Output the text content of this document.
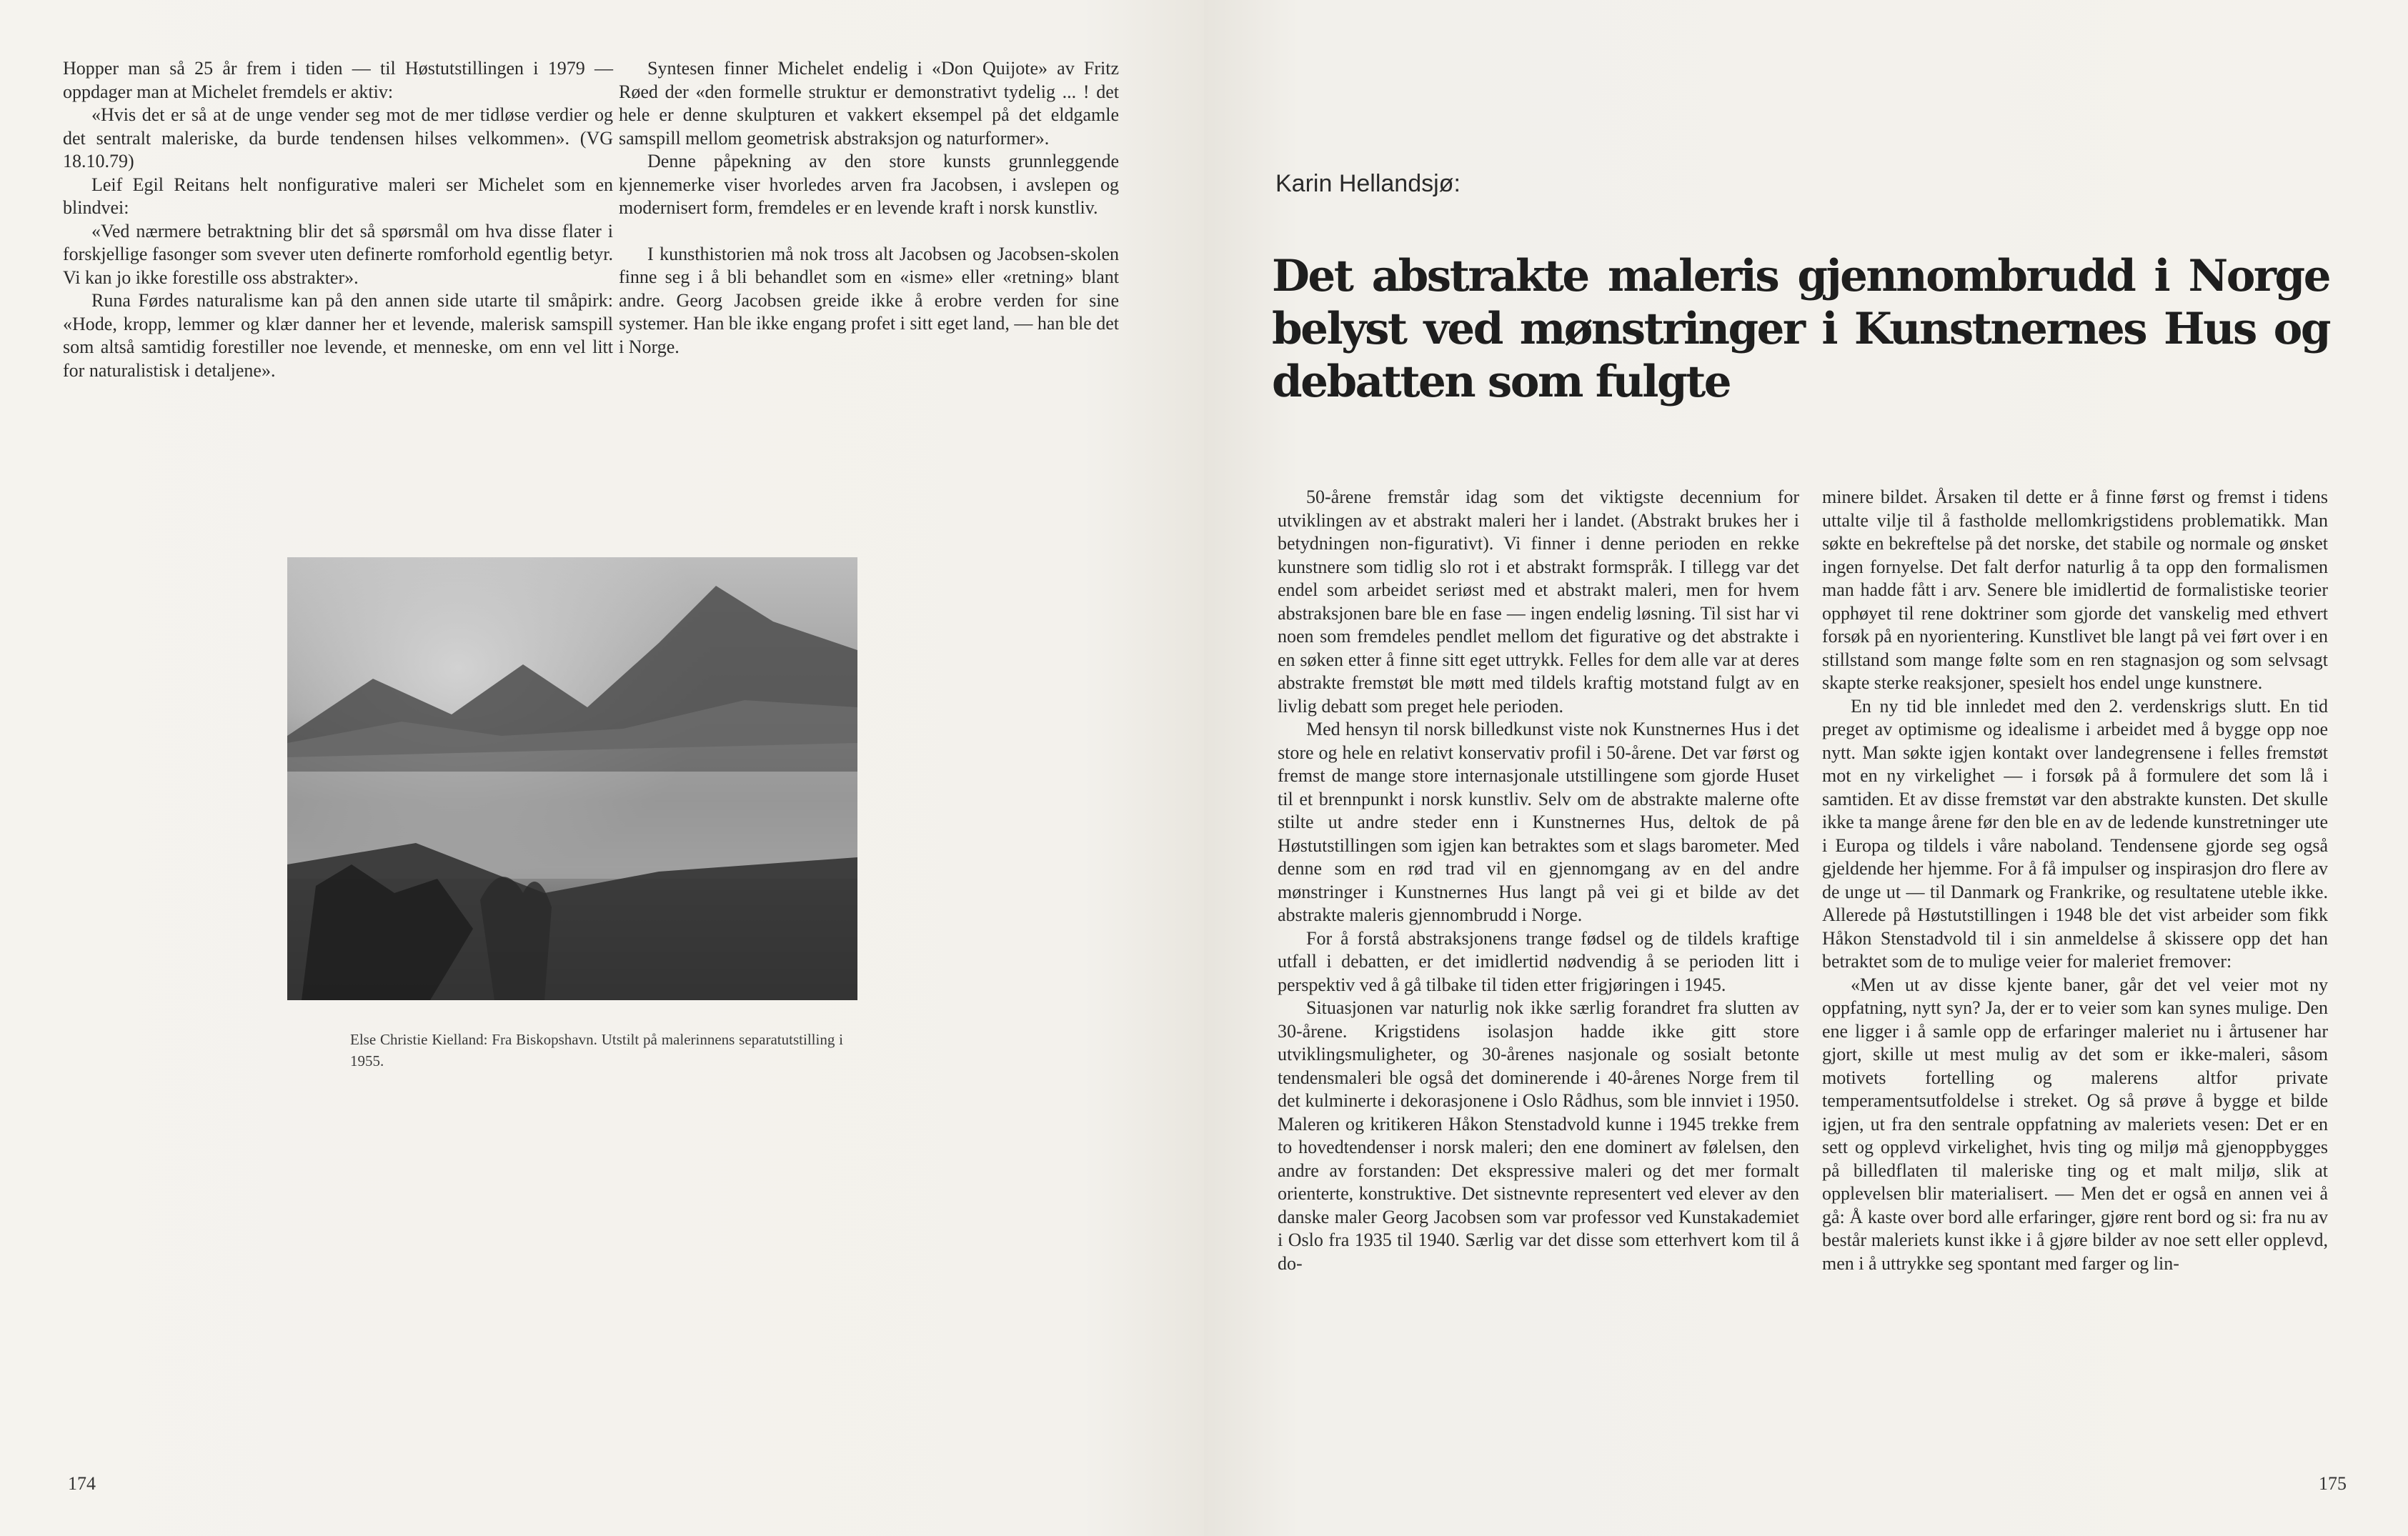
Hopper man så 25 år frem i tiden — til Høstutstillingen i 1979 — oppdager man at Michelet fremdels er aktiv:

«Hvis det er så at de unge vender seg mot de mer tidløse verdier og det sentralt maleriske, da burde tendensen hilses velkommen». (VG 18.10.79)

Leif Egil Reitans helt nonfigurative maleri ser Michelet som en blindvei:

«Ved nærmere betraktning blir det så spørsmål om hva disse flater i forskjellige fasonger som svever uten definerte romforhold egentlig betyr. Vi kan jo ikke forestille oss abstrakter».

Runa Førdes naturalisme kan på den annen side utarte til småpirk: «Hode, kropp, lemmer og klær danner her et levende, malerisk samspill som altså samtidig forestiller noe levende, et menneske, om enn vel litt for naturalistisk i detaljene».

Syntesen finner Michelet endelig i «Don Quijote» av Fritz Røed der «den formelle struktur er demonstrativt tydelig ... ! det hele er denne skulpturen et vakkert eksempel på det eldgamle samspill mellom geometrisk abstraksjon og naturformer».

Denne påpekning av den store kunsts grunnleggende kjennemerke viser hvorledes arven fra Jacobsen, i avslepen og modernisert form, fremdeles er en levende kraft i norsk kunstliv.

I kunsthistorien må nok tross alt Jacobsen og Jacobsen-skolen finne seg i å bli behandlet som en «isme» eller «retning» blant andre. Georg Jacobsen greide ikke å erobre verden for sine systemer. Han ble ikke engang profet i sitt eget land, — han ble det i Norge.

Else Christie Kielland: Fra Biskopshavn. Utstilt på malerinnens separatutstilling i 1955.
174
Karin Hellandsjø:
Det abstrakte maleris gjennombrudd i Norge belyst ved mønstringer i Kunstnernes Hus og debatten som fulgte

50-årene fremstår idag som det viktigste decennium for utviklingen av et abstrakt maleri her i landet. (Abstrakt brukes her i betydningen non-figurativt). Vi finner i denne perioden en rekke kunstnere som tidlig slo rot i et abstrakt formspråk. I tillegg var det endel som arbeidet seriøst med et abstrakt maleri, men for hvem abstraksjonen bare ble en fase — ingen endelig løsning. Til sist har vi noen som fremdeles pendlet mellom det figurative og det abstrakte i en søken etter å finne sitt eget uttrykk. Felles for dem alle var at deres abstrakte fremstøt ble møtt med tildels kraftig motstand fulgt av en livlig debatt som preget hele perioden.

Med hensyn til norsk billedkunst viste nok Kunstnernes Hus i det store og hele en relativt konservativ profil i 50-årene. Det var først og fremst de mange store internasjonale utstillingene som gjorde Huset til et brennpunkt i norsk kunstliv. Selv om de abstrakte malerne ofte stilte ut andre steder enn i Kunstnernes Hus, deltok de på Høstutstillingen som igjen kan betraktes som et slags barometer. Med denne som en rød trad vil en gjennomgang av en del andre mønstringer i Kunstnernes Hus langt på vei gi et bilde av det abstrakte maleris gjennombrudd i Norge.

For å forstå abstraksjonens trange fødsel og de tildels kraftige utfall i debatten, er det imidlertid nødvendig å se perioden litt i perspektiv ved å gå tilbake til tiden etter frigjøringen i 1945.

Situasjonen var naturlig nok ikke særlig forandret fra slutten av 30-årene. Krigstidens isolasjon hadde ikke gitt store utviklingsmuligheter, og 30-årenes nasjonale og sosialt betonte tendensmaleri ble også det dominerende i 40-årenes Norge frem til det kulminerte i dekorasjonene i Oslo Rådhus, som ble innviet i 1950. Maleren og kritikeren Håkon Stenstadvold kunne i 1945 trekke frem to hovedtendenser i norsk maleri; den ene dominert av følelsen, den andre av forstanden: Det ekspressive maleri og det mer formalt orienterte, konstruktive. Det sistnevnte representert ved elever av den danske maler Georg Jacobsen som var professor ved Kunstakademiet i Oslo fra 1935 til 1940. Særlig var det disse som etterhvert kom til å do-

minere bildet. Årsaken til dette er å finne først og fremst i tidens uttalte vilje til å fastholde mellomkrigstidens problematikk. Man søkte en bekreftelse på det norske, det stabile og normale og ønsket ingen fornyelse. Det falt derfor naturlig å ta opp den formalismen man hadde fått i arv. Senere ble imidlertid de formalistiske teorier opphøyet til rene doktriner som gjorde det vanskelig med ethvert forsøk på en nyorientering. Kunstlivet ble langt på vei ført over i en stillstand som mange følte som en ren stagnasjon og som selvsagt skapte sterke reaksjoner, spesielt hos endel unge kunstnere.

En ny tid ble innledet med den 2. verdenskrigs slutt. En tid preget av optimisme og idealisme i arbeidet med å bygge opp noe nytt. Man søkte igjen kontakt over landegrensene i felles fremstøt mot en ny virkelighet — i forsøk på å formulere det som lå i samtiden. Et av disse fremstøt var den abstrakte kunsten. Det skulle ikke ta mange årene før den ble en av de ledende kunstretninger ute i Europa og tildels i våre naboland. Tendensene gjorde seg også gjeldende her hjemme. For å få impulser og inspirasjon dro flere av de unge ut — til Danmark og Frankrike, og resultatene uteble ikke. Allerede på Høstutstillingen i 1948 ble det vist arbeider som fikk Håkon Stenstadvold til i sin anmeldelse å skissere opp det han betraktet som de to mulige veier for maleriet fremover:

«Men ut av disse kjente baner, går det vel veier mot ny oppfatning, nytt syn? Ja, der er to veier som kan synes mulige. Den ene ligger i å samle opp de erfaringer maleriet nu i årtusener har gjort, skille ut mest mulig av det som er ikke-maleri, såsom motivets fortelling og malerens altfor private temperamentsutfoldelse i streket. Og så prøve å bygge et bilde igjen, ut fra den sentrale oppfatning av maleriets vesen: Det er en sett og opplevd virkelighet, hvis ting og miljø må gjenoppbygges på billedflaten til maleriske ting og et malt miljø, slik at opplevelsen blir materialisert. — Men det er også en annen vei å gå: Å kaste over bord alle erfaringer, gjøre rent bord og si: fra nu av består maleriets kunst ikke i å gjøre bilder av noe sett eller opplevd, men i å uttrykke seg spontant med farger og lin-

175
